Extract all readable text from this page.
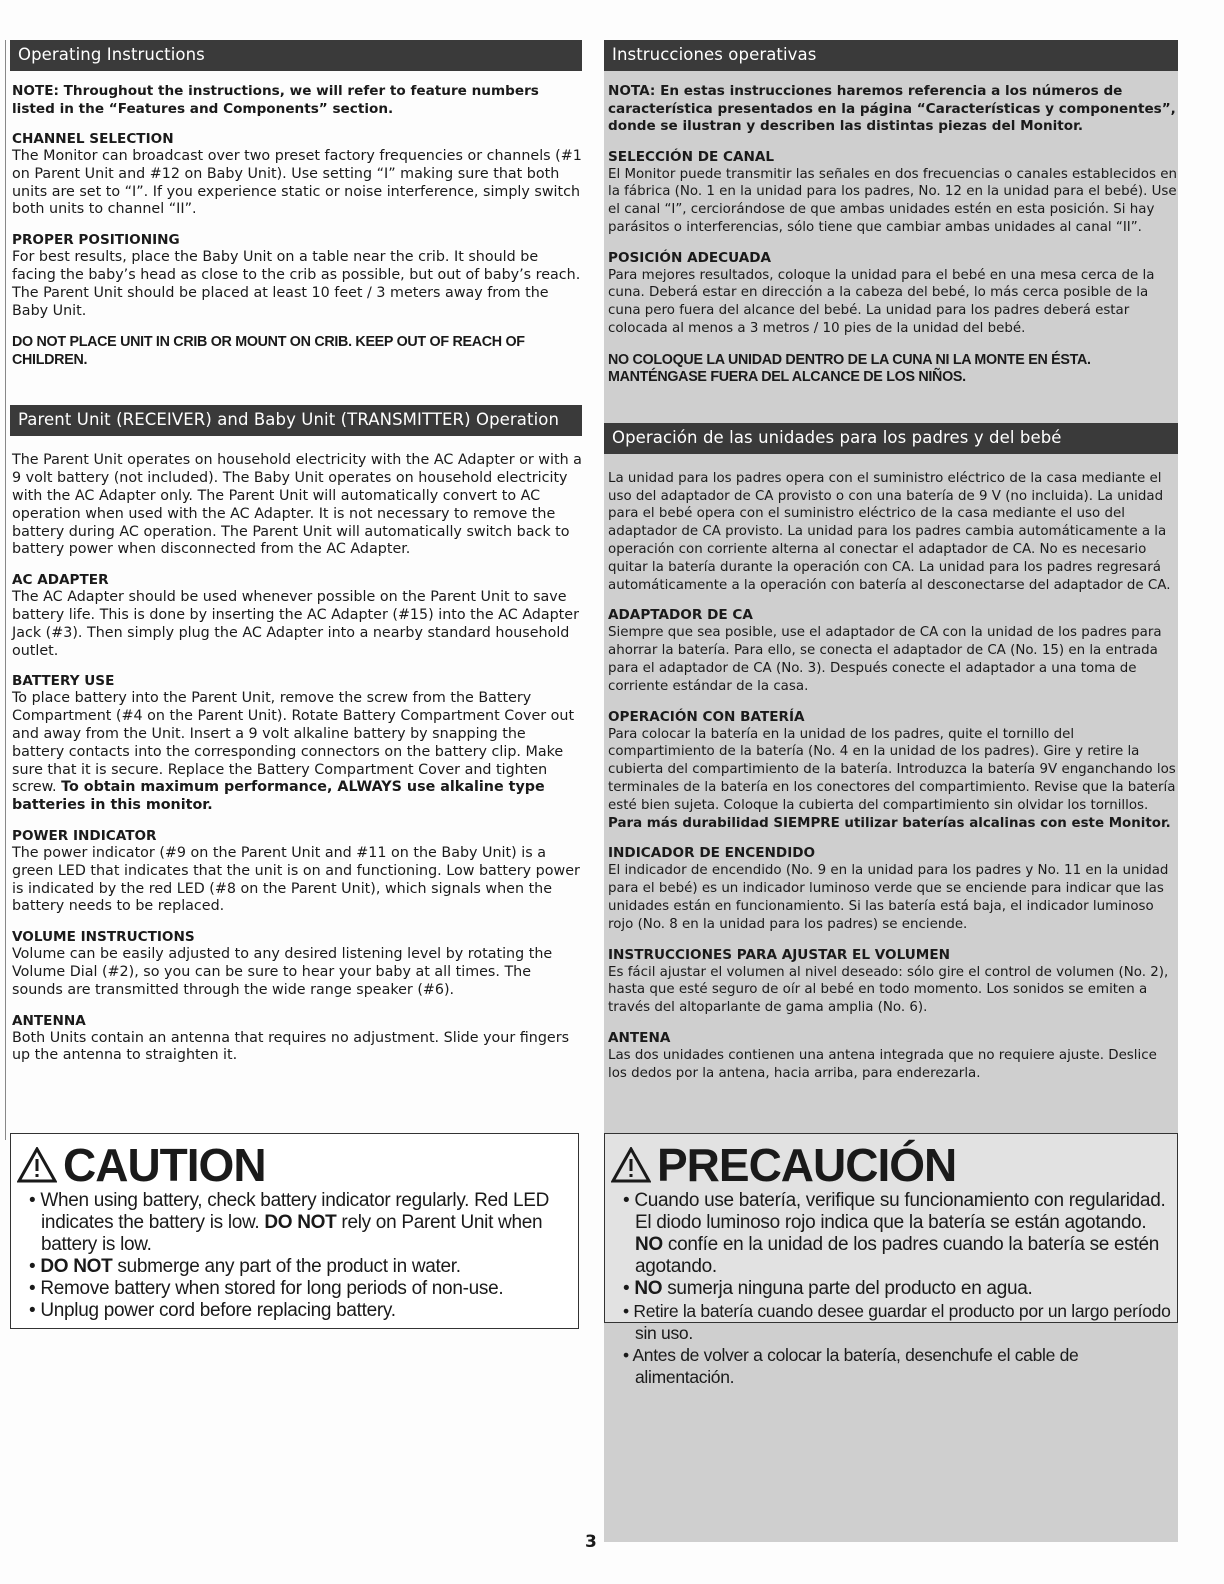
Operating Instructions
NOTE: Throughout the instructions, we will refer to feature numbers listed in the “Features and Components” section.
CHANNEL SELECTION
The Monitor can broadcast over two preset factory frequencies or channels (#1 on Parent Unit and #12 on Baby Unit). Use setting “I” making sure that both units are set to “I”. If you experience static or noise interference, simply switch both units to channel “II”.
PROPER POSITIONING
For best results, place the Baby Unit on a table near the crib. It should be facing the baby’s head as close to the crib as possible, but out of baby’s reach. The Parent Unit should be placed at least 10 feet / 3 meters away from the Baby Unit.
DO NOT PLACE UNIT IN CRIB OR MOUNT ON CRIB. KEEP OUT OF REACH OF CHILDREN.
Parent Unit (RECEIVER) and Baby Unit (TRANSMITTER) Operation
The Parent Unit operates on household electricity with the AC Adapter or with a 9 volt battery (not included). The Baby Unit operates on household electricity with the AC Adapter only. The Parent Unit will automatically convert to AC operation when used with the AC Adapter. It is not necessary to remove the battery during AC operation. The Parent Unit will automatically switch back to battery power when disconnected from the AC Adapter.
AC ADAPTER
The AC Adapter should be used whenever possible on the Parent Unit to save battery life. This is done by inserting the AC Adapter (#15) into the AC Adapter Jack (#3). Then simply plug the AC Adapter into a nearby standard household outlet.
BATTERY USE
To place battery into the Parent Unit, remove the screw from the Battery Compartment (#4 on the Parent Unit). Rotate Battery Compartment Cover out and away from the Unit. Insert a 9 volt alkaline battery by snapping the battery contacts into the corresponding connectors on the battery clip. Make sure that it is secure. Replace the Battery Compartment Cover and tighten screw. To obtain maximum performance, ALWAYS use alkaline type batteries in this monitor.
POWER INDICATOR
The power indicator (#9 on the Parent Unit and #11 on the Baby Unit) is a green LED that indicates that the unit is on and functioning. Low battery power is indicated by the red LED (#8 on the Parent Unit), which signals when the battery needs to be replaced.
VOLUME INSTRUCTIONS
Volume can be easily adjusted to any desired listening level by rotating the Volume Dial (#2), so you can be sure to hear your baby at all times. The sounds are transmitted through the wide range speaker (#6).
ANTENNA
Both Units contain an antenna that requires no adjustment. Slide your fingers up the antenna to straighten it.
CAUTION
• When using battery, check battery indicator regularly. Red LED indicates the battery is low. DO NOT rely on Parent Unit when battery is low.
• DO NOT submerge any part of the product in water.
• Remove battery when stored for long periods of non-use.
• Unplug power cord before replacing battery.
Instrucciones operativas
NOTA: En estas instrucciones haremos referencia a los números de característica presentados en la página “Características y componentes”, donde se ilustran y describen las distintas piezas del Monitor.
SELECCIÓN DE CANAL
El Monitor puede transmitir las señales en dos frecuencias o canales establecidos en la fábrica (No. 1 en la unidad para los padres, No. 12 en la unidad para el bebé). Use el canal “I”, cerciorándose de que ambas unidades estén en esta posición. Si hay parásitos o interferencias, sólo tiene que cambiar ambas unidades al canal “II”.
POSICIÓN ADECUADA
Para mejores resultados, coloque la unidad para el bebé en una mesa cerca de la cuna. Deberá estar en dirección a la cabeza del bebé, lo más cerca posible de la cuna pero fuera del alcance del bebé. La unidad para los padres deberá estar colocada al menos a 3 metros / 10 pies de la unidad del bebé.
NO COLOQUE LA UNIDAD DENTRO DE LA CUNA NI LA MONTE EN ÉSTA. MANTÉNGASE FUERA DEL ALCANCE DE LOS NIÑOS.
Operación de las unidades para los padres y del bebé
La unidad para los padres opera con el suministro eléctrico de la casa mediante el uso del adaptador de CA provisto o con una batería de 9 V (no incluida). La unidad para el bebé opera con el suministro eléctrico de la casa mediante el uso del adaptador de CA provisto. La unidad para los padres cambia automáticamente a la operación con corriente alterna al conectar el adaptador de CA. No es necesario quitar la batería durante la operación con CA. La unidad para los padres regresará automáticamente a la operación con batería al desconectarse del adaptador de CA.
ADAPTADOR DE CA
Siempre que sea posible, use el adaptador de CA con la unidad de los padres para ahorrar la batería. Para ello, se conecta el adaptador de CA (No. 15) en la entrada para el adaptador de CA (No. 3). Después conecte el adaptador a una toma de corriente estándar de la casa.
OPERACIÓN CON BATERÍA
Para colocar la batería en la unidad de los padres, quite el tornillo del compartimiento de la batería (No. 4 en la unidad de los padres). Gire y retire la cubierta del compartimiento de la batería. Introduzca la batería 9V enganchando los terminales de la batería en los conectores del compartimiento. Revise que la batería esté bien sujeta. Coloque la cubierta del compartimiento sin olvidar los tornillos. Para más durabilidad SIEMPRE utilizar baterías alcalinas con este Monitor.
INDICADOR DE ENCENDIDO
El indicador de encendido (No. 9 en la unidad para los padres y No. 11 en la unidad para el bebé) es un indicador luminoso verde que se enciende para indicar que las unidades están en funcionamiento. Si las batería está baja, el indicador luminoso rojo (No. 8 en la unidad para los padres) se enciende.
INSTRUCCIONES PARA AJUSTAR EL VOLUMEN
Es fácil ajustar el volumen al nivel deseado: sólo gire el control de volumen (No. 2), hasta que esté seguro de oír al bebé en todo momento. Los sonidos se emiten a través del altoparlante de gama amplia (No. 6).
ANTENA
Las dos unidades contienen una antena integrada que no requiere ajuste. Deslice los dedos por la antena, hacia arriba, para enderezarla.
PRECAUCIÓN
• Cuando use batería, verifique su funcionamiento con regularidad. El diodo luminoso rojo indica que la batería se están agotando. NO confíe en la unidad de los padres cuando la batería se estén agotando.
• NO sumerja ninguna parte del producto en agua.
• Retire la batería cuando desee guardar el producto por un largo período sin uso.
• Antes de volver a colocar la batería, desenchufe el cable de alimentación.
3
